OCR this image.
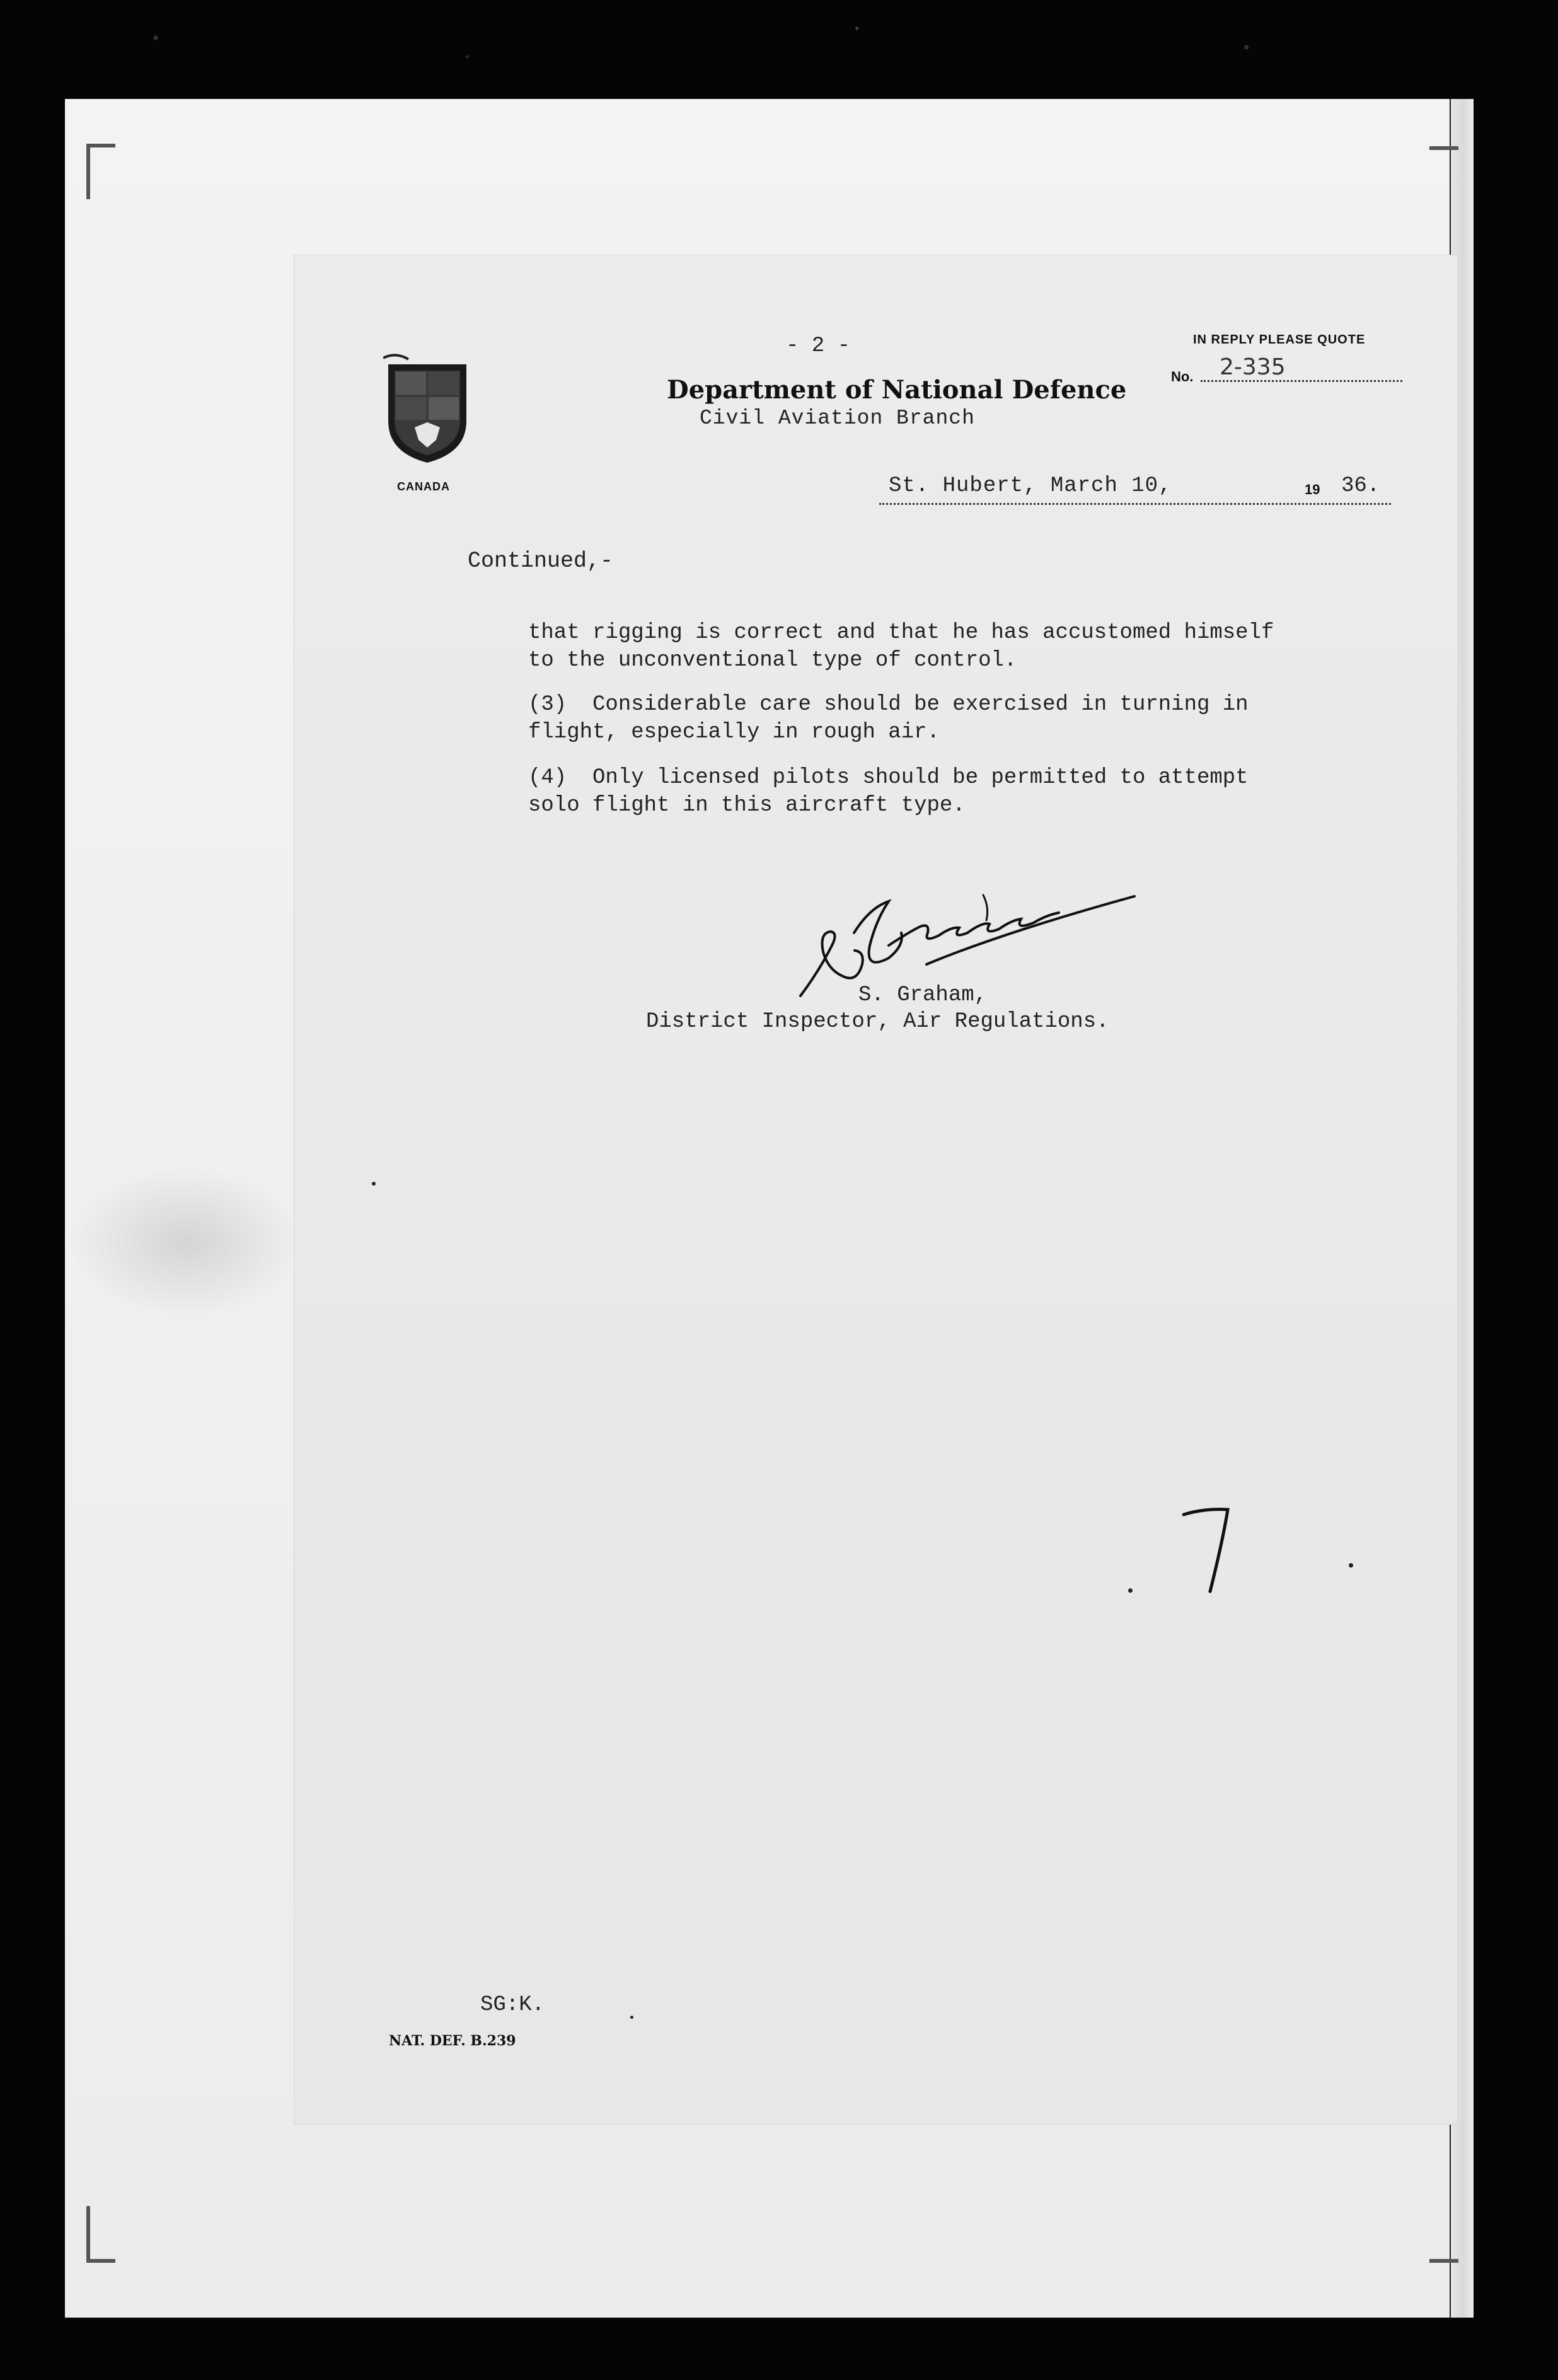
CANADA
- 2 -
Department of National Defence
Civil Aviation Branch
IN REPLY PLEASE QUOTE
No. 2-335
St. Hubert, March 10,	19 36.
Continued,-
that rigging is correct and that he has accustomed himself
to the unconventional type of control.
(3)  Considerable care should be exercised in turning in
flight, especially in rough air.
(4)  Only licensed pilots should be permitted to attempt
solo flight in this aircraft type.
S. Graham,
District Inspector, Air Regulations.
SG:K.
NAT. DEF. B.239
